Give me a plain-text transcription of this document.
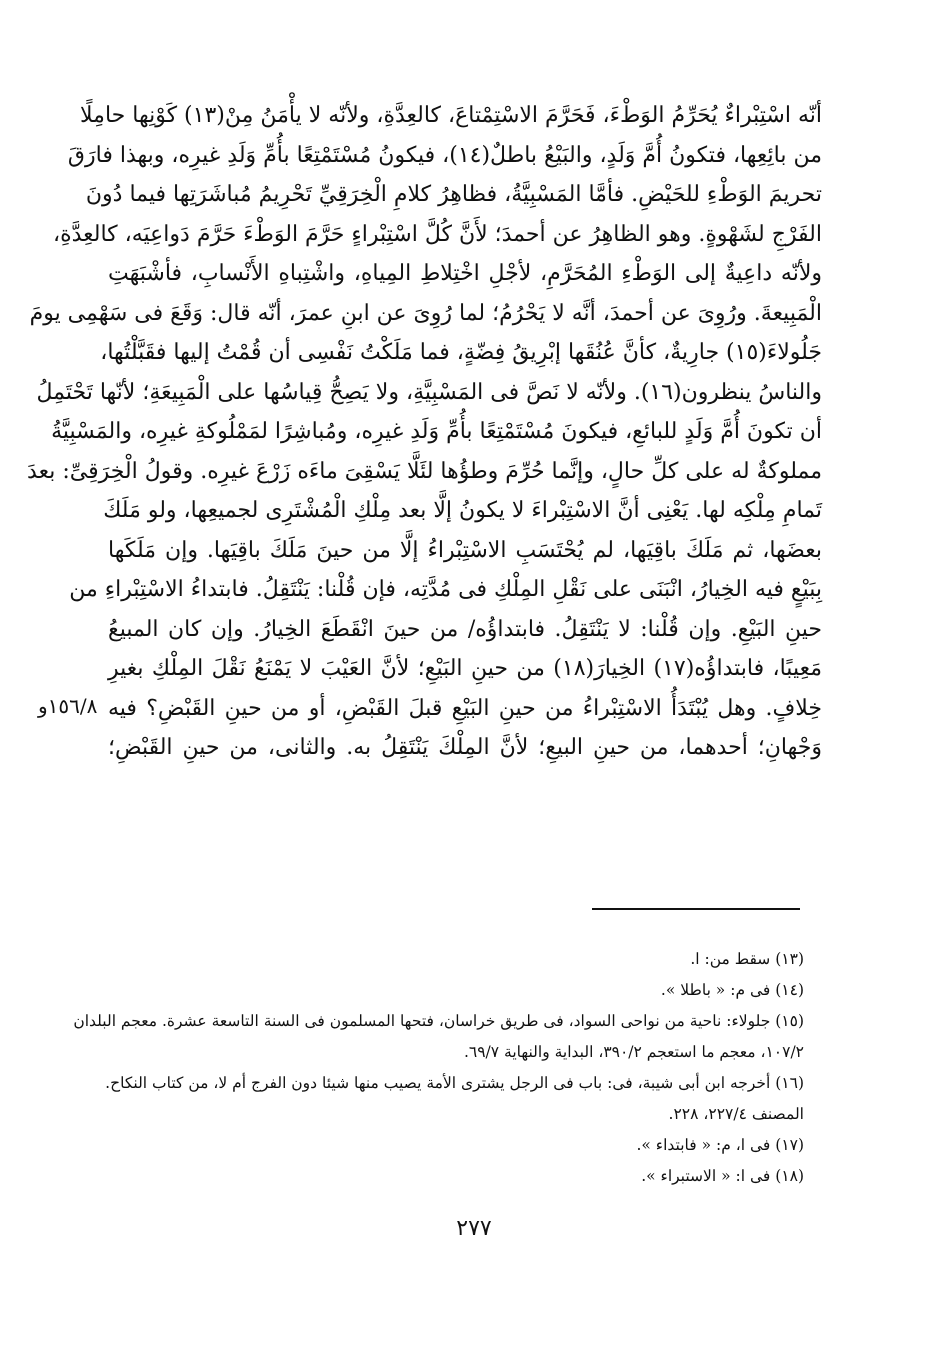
أنّه اسْتِبْراءٌ يُحَرِّمُ الوَطْءَ، فَحَرَّمَ الاسْتِمْتاعَ، كالعِدَّةِ، ولأنّه لا يأْمَنُ مِنْ(١٣) كَوْنِها حامِلًا
من بائِعِها، فتكونُ أُمَّ وَلَدٍ، والبَيْعُ باطلٌ(١٤)، فيكونُ مُسْتَمْتِعًا بأُمِّ وَلَدِ غيرِه، وبهذا فارَقَ
تحريمَ الوَطْءِ للحَيْضِ. فأمَّا المَسْبِيَّةُ، فظاهِرُ كلامِ الْخِرَقِيِّ تَحْرِيمُ مُباشَرَتِها فيما دُونَ
الفَرْجِ لشَهْوةٍ. وهو الظاهِرُ عن أحمدَ؛ لأَنَّ كُلَّ اسْتِبْراءٍ حَرَّمَ الوَطْءَ حَرَّمَ دَواعِيَه، كالعِدَّةِ،
ولأنّه داعِيةٌ إلى الوَطْءِ المُحَرَّمِ، لأجْلِ اخْتِلاطِ المِياهِ، واشْتِباهِ الأَنْسابِ، فأشْبَهَتِ
الْمَبِيعةَ. ورُوِىَ عن أحمدَ، أنَّه لا يَحْرُمُ؛ لما رُوِىَ عن ابنِ عمرَ، أنّه قال: وَقَعَ فى سَهْمِى يومَ
جَلُولاءَ(١٥) جارِيةٌ، كأنَّ عُنُقَها إبْرِيقُ فِضّةٍ، فما مَلَكْتُ نَفْسِى أن قُمْتُ إليها فقَبَّلْتُها،
والناسُ ينظرون(١٦). ولأنّه لا نَصَّ فى المَسْبِيَّةِ، ولا يَصِحُّ قِياسُها على الْمَبِيعَةِ؛ لأنّها تَحْتَمِلُ
أن تكونَ أُمَّ وَلَدٍ للبائعِ، فيكونَ مُسْتَمْتِعًا بأُمِّ وَلَدِ غيرِه، ومُباشِرًا لمَمْلُوكةِ غيرِه، والمَسْبِيَّةُ
مملوكةٌ له على كلِّ حالٍ، وإنَّما حُرِّمَ وطؤُها لئَلَّا يَسْقِىَ ماءَه زَرْعَ غيرِه. وقولُ الْخِرَقِىِّ: بعدَ
تَمامِ مِلْكِه لها. يَعْنِى أنَّ الاسْتِبْراءَ لا يكونُ إلَّا بعد مِلْكِ الْمُشْتَرِى لجميعِها، ولو مَلَكَ
بعضَها، ثم مَلَكَ باقِيَها، لم يُحْتَسَبِ الاسْتِبْراءُ إلَّا من حينَ مَلَكَ باقِيَها. وإن مَلَكَها
بِبَيْعٍ فيه الخِيارُ، انْبَنَى على نَقْلِ المِلْكِ فى مُدَّتِه، فإن قُلْنا: يَنْتَقِلُ. فابتداءُ الاسْتِبْراءِ من
حينِ البَيْعِ. وإن قُلْنا: لا يَنْتَقِلُ. فابتداؤُه/ من حينَ انْقَطَعَ الخِيارُ. وإن كان المبيعُ
مَعِيبًا، فابتداؤُه(١٧) الخِيارَ(١٨) من حينِ البَيْعِ؛ لأنَّ العَيْبَ لا يَمْنَعُ نَقْلَ المِلْكِ بغيرِ
خِلافٍ. وهل يُبْتَدَأُ الاسْتِبْراءُ من حينِ البَيْعِ قبلَ القَبْضِ، أو من حينِ القَبْضِ؟ فيه
وَجْهانِ؛ أحدهما، من حينِ البيعِ؛ لأنَّ المِلْكَ يَنْتَقِلُ به. والثانى، من حينِ القَبْضِ؛
١٥٦/٨و
(١٣) سقط من: ا.
(١٤) فى م: « باطلا ».
(١٥) جلولاء: ناحية من نواحى السواد، فى طريق خراسان، فتحها المسلمون فى السنة التاسعة عشرة. معجم البلدان
١٠٧/٢، معجم ما استعجم ٣٩٠/٢، البداية والنهاية ٦٩/٧.
(١٦) أخرجه ابن أبى شيبة، فى: باب فى الرجل يشترى الأمة يصيب منها شيئا دون الفرج أم لا، من كتاب النكاح.
المصنف ٢٢٧/٤، ٢٢٨.
(١٧) فى ا، م: « فابتداء ».
(١٨) فى ا: « الاستبراء ».
٢٧٧
